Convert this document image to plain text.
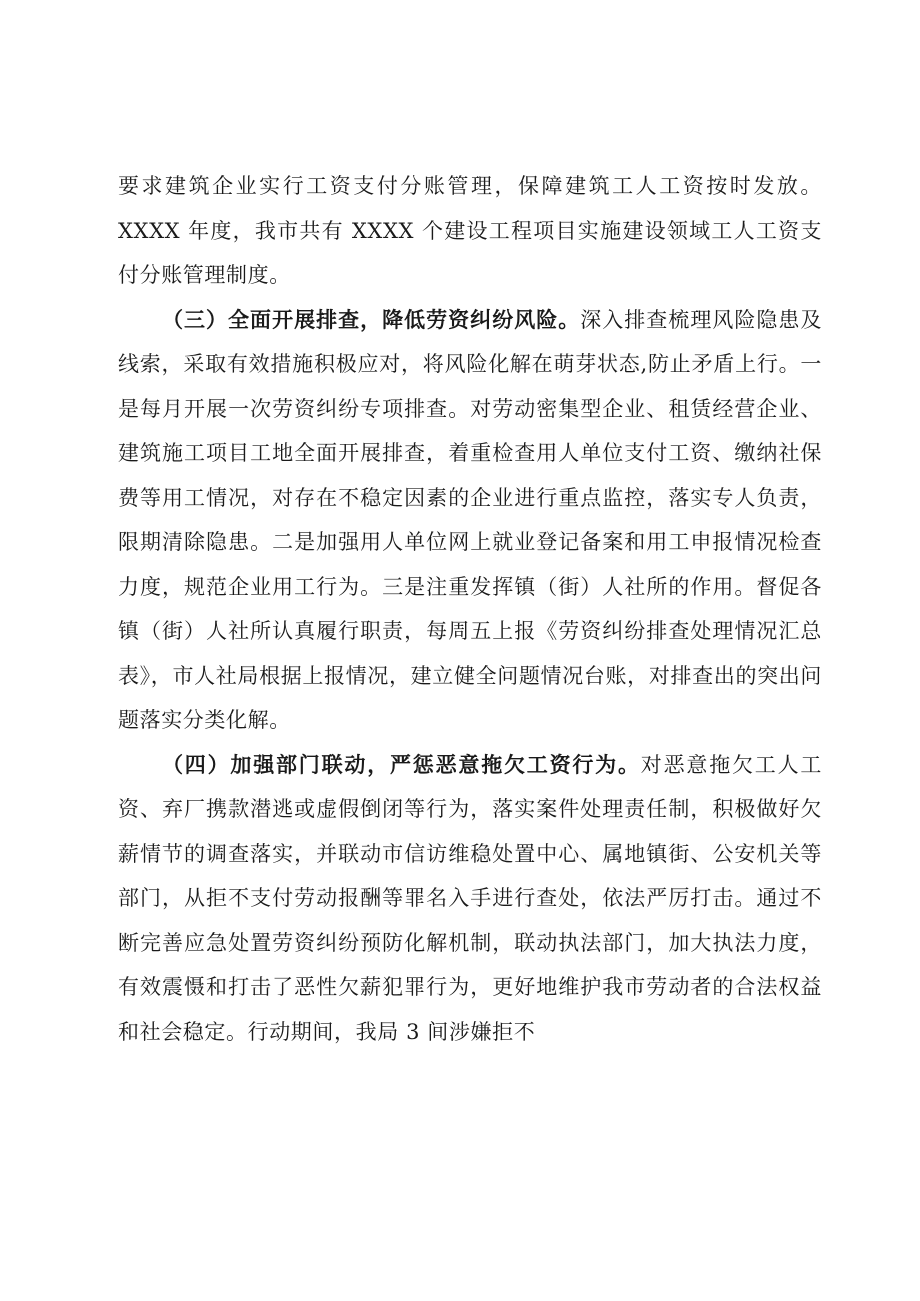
要求建筑企业实行工资支付分账管理，保障建筑工人工资按时发放。XXXX 年度，我市共有 XXXX 个建设工程项目实施建设领域工人工资支付分账管理制度。

（三）全面开展排查，降低劳资纠纷风险。深入排查梳理风险隐患及线索，采取有效措施积极应对，将风险化解在萌芽状态,防止矛盾上行。一是每月开展一次劳资纠纷专项排查。对劳动密集型企业、租赁经营企业、建筑施工项目工地全面开展排查，着重检查用人单位支付工资、缴纳社保费等用工情况，对存在不稳定因素的企业进行重点监控，落实专人负责，限期清除隐患。二是加强用人单位网上就业登记备案和用工申报情况检查力度，规范企业用工行为。三是注重发挥镇（街）人社所的作用。督促各镇（街）人社所认真履行职责，每周五上报《劳资纠纷排查处理情况汇总表》，市人社局根据上报情况，建立健全问题情况台账，对排查出的突出问题落实分类化解。

（四）加强部门联动，严惩恶意拖欠工资行为。对恶意拖欠工人工资、弃厂携款潜逃或虚假倒闭等行为，落实案件处理责任制，积极做好欠薪情节的调查落实，并联动市信访维稳处置中心、属地镇街、公安机关等部门，从拒不支付劳动报酬等罪名入手进行查处，依法严厉打击。通过不断完善应急处置劳资纠纷预防化解机制，联动执法部门，加大执法力度，有效震慑和打击了恶性欠薪犯罪行为，更好地维护我市劳动者的合法权益和社会稳定。行动期间，我局 3 间涉嫌拒不
